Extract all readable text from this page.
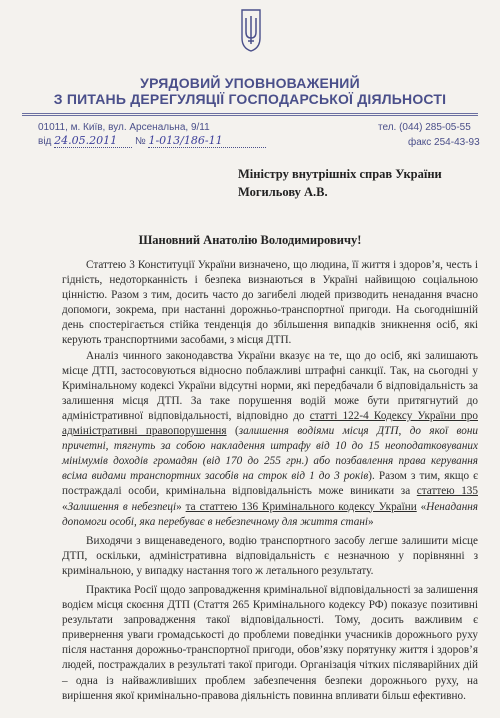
УРЯДОВИЙ УПОВНОВАЖЕНИЙ
З ПИТАНЬ ДЕРЕГУЛЯЦІЇ ГОСПОДАРСЬКОЇ ДІЯЛЬНОСТІ
01011, м. Київ, вул. Арсенальна, 9/11	тел. (044) 285-05-55
факс 254-43-93
від 24.05.2011 № 1-013/186-11
Міністру внутрішніх справ України
Могильову А.В.
Шановний Анатолію Володимировичу!

Статтею 3 Конституції України визначено, що людина, її життя і здоров’я, честь і гідність, недоторканність і безпека визнаються в Україні найвищою соціальною цінністю. Разом з тим, досить часто до загибелі людей призводить ненадання вчасно допомоги, зокрема, при настанні дорожньо-транспортної пригоди. На сьогоднішній день спостерігається стійка тенденція до збільшення випадків зникнення осіб, які керують транспортними засобами, з місця ДТП.

Аналіз чинного законодавства України вказує на те, що до осіб, які залишають місце ДТП, застосовуються відносно поблажливі штрафні санкції. Так, на сьогодні у Кримінальному кодексі України відсутні норми, які передбачали б відповідальність за залишення місця ДТП. За таке порушення водій може бути притягнутий до адміністративної відповідальності, відповідно до статті 122-4 Кодексу України про адміністративні правопорушення (залишення водіями місця ДТП, до якої вони причетні, тягнуть за собою накладення штрафу від 10 до 15 неоподатковуваних мінімумів доходів громадян (від 170 до 255 грн.) або позбавлення права керування всіма видами транспортних засобів на строк від 1 до 3 років). Разом з тим, якщо є постраждалі особи, кримінальна відповідальність може виникати за статтею 135 «Залишення в небезпеці» та статтею 136 Кримінального кодексу України «Ненадання допомоги особі, яка перебуває в небезпечному для життя стані»

Виходячи з вищенаведеного, водію транспортного засобу легше залишити місце ДТП, оскільки, адміністративна відповідальність є незначною у порівнянні з кримінальною, у випадку настання того ж летального результату.

Практика Росії щодо запровадження кримінальної відповідальності за залишення водієм місця скоєння ДТП (Стаття 265 Кримінального кодексу РФ) показує позитивні результати запровадження такої відповідальності. Тому, досить важливим є привернення уваги громадськості до проблеми поведінки учасників дорожнього руху після настання дорожньо-транспортної пригоди, обов’язку порятунку життя і здоров’я людей, постраждалих в результаті такої пригоди. Організація чітких післяварійних дій – одна із найважливіших проблем забезпечення безпеки дорожнього руху, на вирішення якої кримінально-правова діяльність повинна впливати більш ефективно.
